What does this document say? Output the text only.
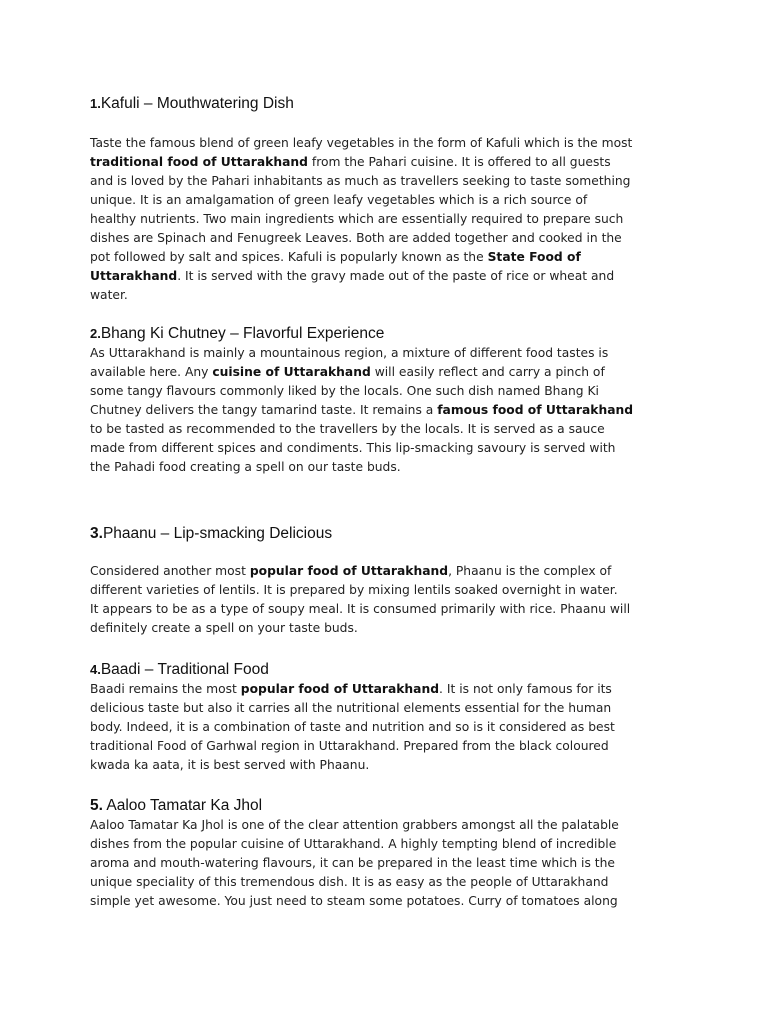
1.Kafuli – Mouthwatering Dish

Taste the famous blend of green leafy vegetables in the form of Kafuli which is the most
traditional food of Uttarakhand from the Pahari cuisine. It is offered to all guests
and is loved by the Pahari inhabitants as much as travellers seeking to taste something
unique. It is an amalgamation of green leafy vegetables which is a rich source of
healthy nutrients. Two main ingredients which are essentially required to prepare such
dishes are Spinach and Fenugreek Leaves. Both are added together and cooked in the
pot followed by salt and spices. Kafuli is popularly known as the State Food of
Uttarakhand. It is served with the gravy made out of the paste of rice or wheat and
water.

2.Bhang Ki Chutney – Flavorful Experience

As Uttarakhand is mainly a mountainous region, a mixture of different food tastes is
available here. Any cuisine of Uttarakhand will easily reflect and carry a pinch of
some tangy flavours commonly liked by the locals. One such dish named Bhang Ki
Chutney delivers the tangy tamarind taste. It remains a famous food of Uttarakhand
to be tasted as recommended to the travellers by the locals. It is served as a sauce
made from different spices and condiments. This lip-smacking savoury is served with
the Pahadi food creating a spell on our taste buds.

3.Phaanu – Lip-smacking Delicious

Considered another most popular food of Uttarakhand, Phaanu is the complex of
different varieties of lentils. It is prepared by mixing lentils soaked overnight in water.
It appears to be as a type of soupy meal. It is consumed primarily with rice. Phaanu will
definitely create a spell on your taste buds.

4.Baadi – Traditional Food

Baadi remains the most popular food of Uttarakhand. It is not only famous for its
delicious taste but also it carries all the nutritional elements essential for the human
body. Indeed, it is a combination of taste and nutrition and so is it considered as best
traditional Food of Garhwal region in Uttarakhand. Prepared from the black coloured
kwada ka aata, it is best served with Phaanu.

5. Aaloo Tamatar Ka Jhol

Aaloo Tamatar Ka Jhol is one of the clear attention grabbers amongst all the palatable
dishes from the popular cuisine of Uttarakhand. A highly tempting blend of incredible
aroma and mouth-watering flavours, it can be prepared in the least time which is the
unique speciality of this tremendous dish. It is as easy as the people of Uttarakhand
simple yet awesome. You just need to steam some potatoes. Curry of tomatoes along
